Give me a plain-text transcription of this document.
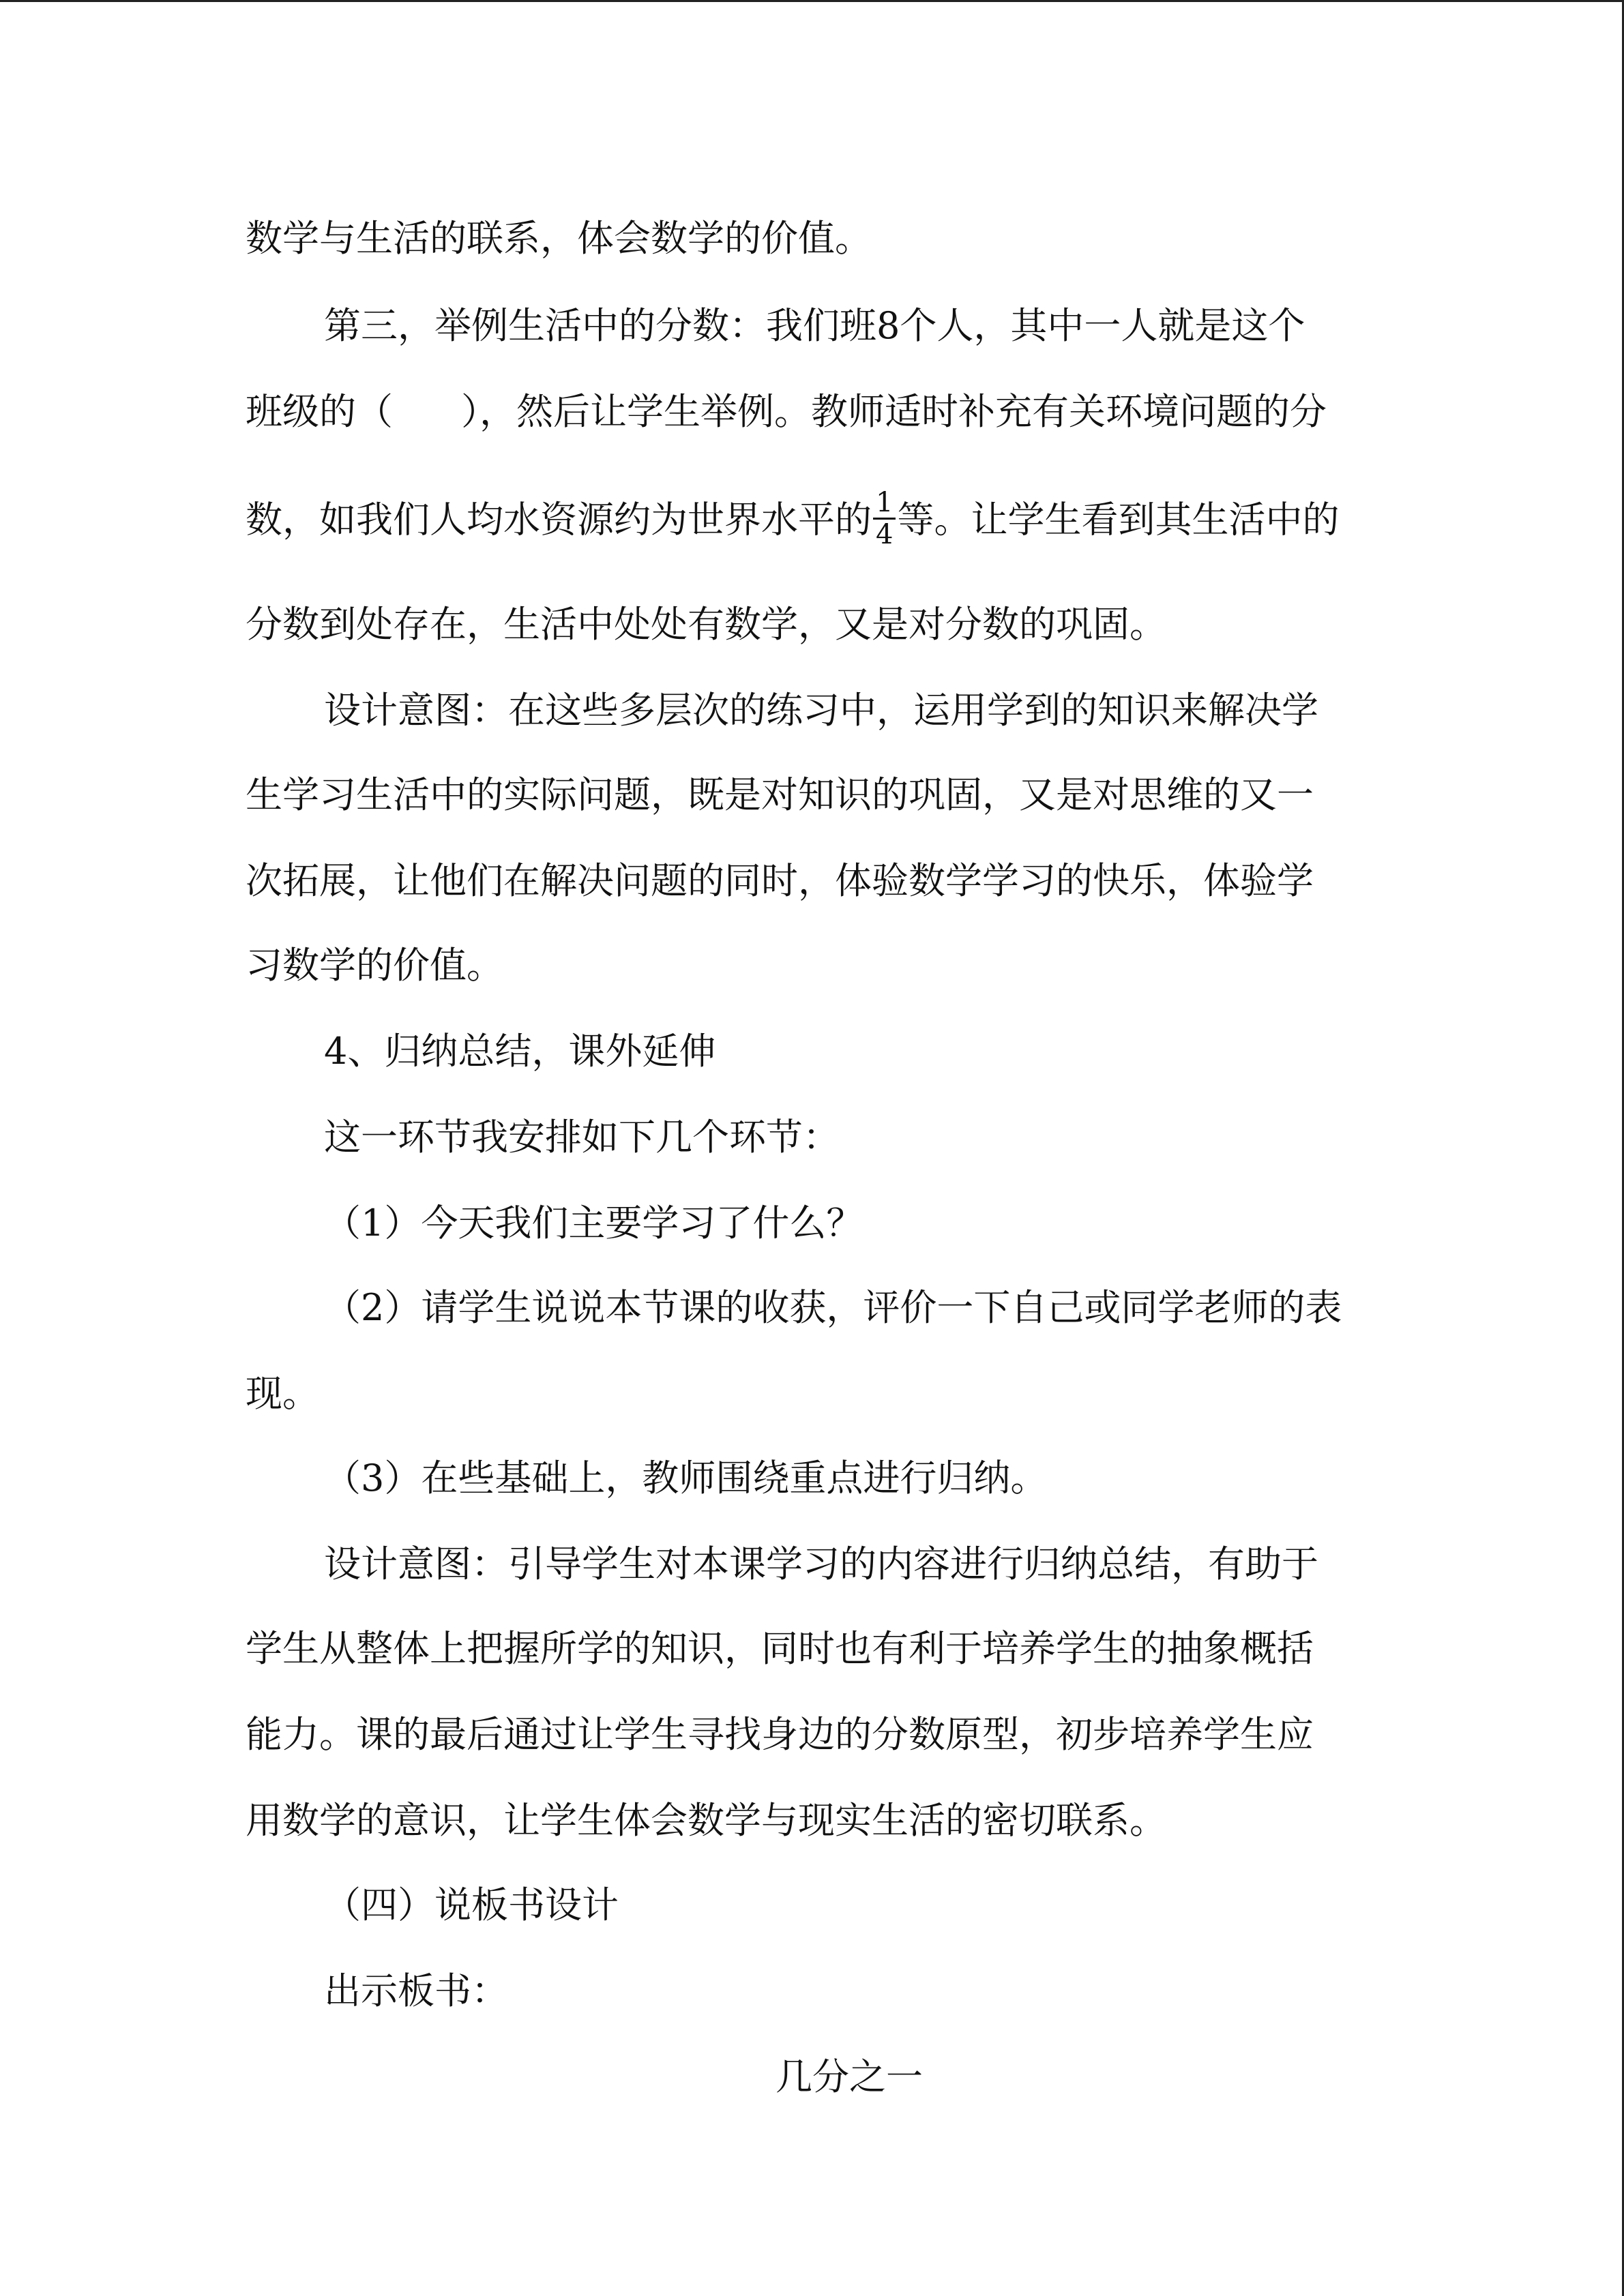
数学与生活的联系，体会数学的价值。
第三，举例生活中的分数：我们班8个人，其中一人就是这个
班级的（ ），然后让学生举例。教师适时补充有关环境问题的分
数，如我们人均水资源约为世界水平的 $\frac{1}{4}$ 等。让学生看到其生活中的
分数到处存在，生活中处处有数学，又是对分数的巩固。
设计意图：在这些多层次的练习中，运用学到的知识来解决学
生学习生活中的实际问题，既是对知识的巩固，又是对思维的又一
次拓展，让他们在解决问题的同时，体验数学学习的快乐，体验学
习数学的价值。
4、归纳总结，课外延伸
这一环节我安排如下几个环节：
（1）今天我们主要学习了什么？
（2）请学生说说本节课的收获，评价一下自己或同学老师的表
现。
（3）在些基础上，教师围绕重点进行归纳。
设计意图：引导学生对本课学习的内容进行归纳总结，有助于
学生从整体上把握所学的知识，同时也有利于培养学生的抽象概括
能力。课的最后通过让学生寻找身边的分数原型，初步培养学生应
用数学的意识，让学生体会数学与现实生活的密切联系。
（四）说板书设计
出示板书：
几分之一
